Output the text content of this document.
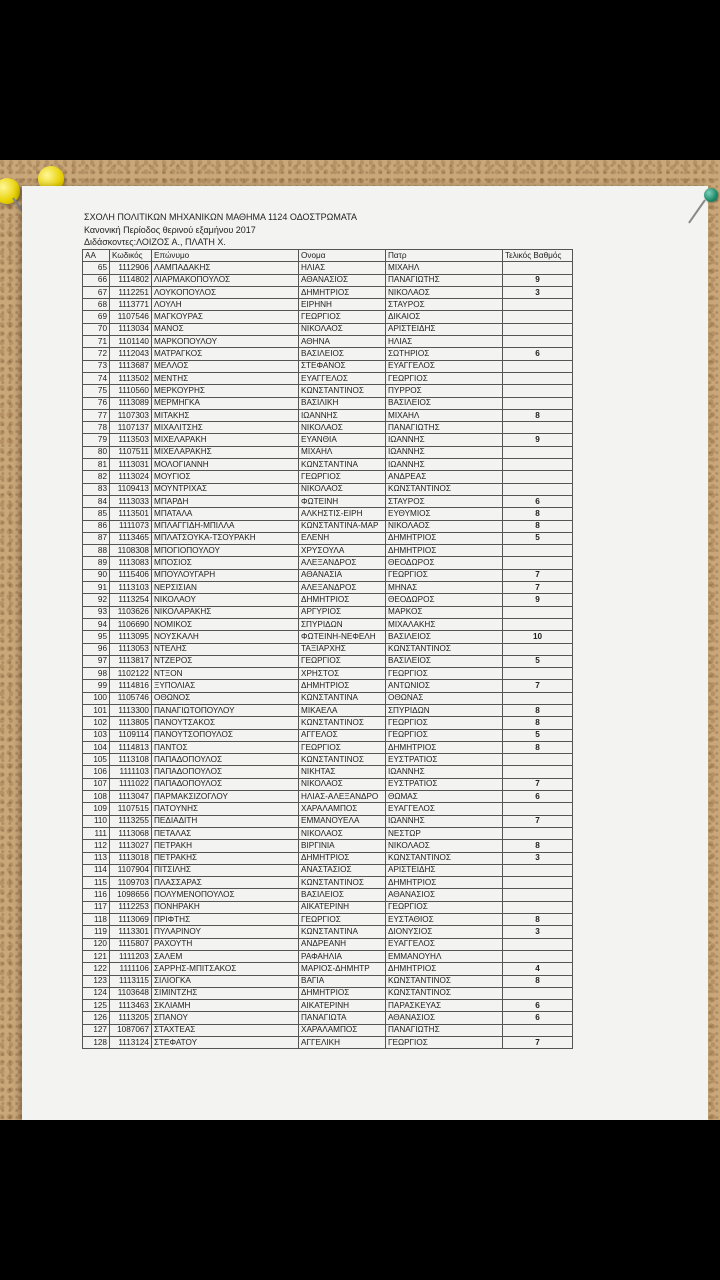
ΣΧΟΛΗ ΠΟΛΙΤΙΚΩΝ ΜΗΧΑΝΙΚΩΝ ΜΑΘΗΜΑ 1124 ΟΔΟΣΤΡΩΜΑΤΑ
Κανονική Περίοδος θερινού εξαμήνου 2017
Διδάσκοντες:ΛΟΙΖΟΣ Α., ΠΛΑΤΗ Χ.
ΑΑ	Κωδικός	Επώνυμο	Ονομα	Πατρ	Τελικός Βαθμός
65	1112906	ΛΑΜΠΑΔΑΚΗΣ	ΗΛΙΑΣ	ΜΙΧΑΗΛ	
66	1114802	ΛΙΑΡΜΑΚΟΠΟΥΛΟΣ	ΑΘΑΝΑΣΙΟΣ	ΠΑΝΑΓΙΩΤΗΣ	9
67	1112251	ΛΟΥΚΟΠΟΥΛΟΣ	ΔΗΜΗΤΡΙΟΣ	ΝΙΚΟΛΑΟΣ	3
68	1113771	ΛΟΥΛΗ	ΕΙΡΗΝΗ	ΣΤΑΥΡΟΣ	
69	1107546	ΜΑΓΚΟΥΡΑΣ	ΓΕΩΡΓΙΟΣ	ΔΙΚΑΙΟΣ	
70	1113034	ΜΑΝΟΣ	ΝΙΚΟΛΑΟΣ	ΑΡΙΣΤΕΙΔΗΣ	
71	1101140	ΜΑΡΚΟΠΟΥΛΟΥ	ΑΘΗΝΑ	ΗΛΙΑΣ	
72	1112043	ΜΑΤΡΑΓΚΟΣ	ΒΑΣΙΛΕΙΟΣ	ΣΩΤΗΡΙΟΣ	6
73	1113687	ΜΕΛΛΟΣ	ΣΤΕΦΑΝΟΣ	ΕΥΑΓΓΕΛΟΣ	
74	1113502	ΜΕΝΤΗΣ	ΕΥΑΓΓΕΛΟΣ	ΓΕΩΡΓΙΟΣ	
75	1110560	ΜΕΡΚΟΥΡΗΣ	ΚΩΝΣΤΑΝΤΙΝΟΣ	ΠΥΡΡΟΣ	
76	1113089	ΜΕΡΜΗΓΚΑ	ΒΑΣΙΛΙΚΗ	ΒΑΣΙΛΕΙΟΣ	
77	1107303	ΜΙΤΑΚΗΣ	ΙΩΑΝΝΗΣ	ΜΙΧΑΗΛ	8
78	1107137	ΜΙΧΑΛΙΤΣΗΣ	ΝΙΚΟΛΑΟΣ	ΠΑΝΑΓΙΩΤΗΣ	
79	1113503	ΜΙΧΕΛΑΡΑΚΗ	ΕΥΑΝΘΙΑ	ΙΩΑΝΝΗΣ	9
80	1107511	ΜΙΧΕΛΑΡΑΚΗΣ	ΜΙΧΑΗΛ	ΙΩΑΝΝΗΣ	
81	1113031	ΜΟΛΟΓΙΑΝΝΗ	ΚΩΝΣΤΑΝΤΙΝΑ	ΙΩΑΝΝΗΣ	
82	1113024	ΜΟΥΓΙΟΣ	ΓΕΩΡΓΙΟΣ	ΑΝΔΡΕΑΣ	
83	1109413	ΜΟΥΝΤΡΙΧΑΣ	ΝΙΚΟΛΑΟΣ	ΚΩΝΣΤΑΝΤΙΝΟΣ	
84	1113033	ΜΠΑΡΔΗ	ΦΩΤΕΙΝΗ	ΣΤΑΥΡΟΣ	6
85	1113501	ΜΠΑΤΑΛΑ	ΑΛΚΗΣΤΙΣ-ΕΙΡΗ	ΕΥΘΥΜΙΟΣ	8
86	1111073	ΜΠΛΑΓΓΙΔΗ-ΜΠΙΛΛΑ	ΚΩΝΣΤΑΝΤΙΝΑ-ΜΑΡ	ΝΙΚΟΛΑΟΣ	8
87	1113465	ΜΠΛΑΤΣΟΥΚΑ-ΤΣΟΥΡΑΚΗ	ΕΛΕΝΗ	ΔΗΜΗΤΡΙΟΣ	5
88	1108308	ΜΠΟΓΙΟΠΟΥΛΟΥ	ΧΡΥΣΟΥΛΑ	ΔΗΜΗΤΡΙΟΣ	
89	1113083	ΜΠΟΣΙΟΣ	ΑΛΕΞΑΝΔΡΟΣ	ΘΕΟΔΩΡΟΣ	
90	1115406	ΜΠΟΥΛΟΥΓΑΡΗ	ΑΘΑΝΑΣΙΑ	ΓΕΩΡΓΙΟΣ	7
91	1113103	ΝΕΡΣΙΣΙΑΝ	ΑΛΕΞΑΝΔΡΟΣ	ΜΗΝΑΣ	7
92	1113254	ΝΙΚΟΛΑΟΥ	ΔΗΜΗΤΡΙΟΣ	ΘΕΟΔΩΡΟΣ	9
93	1103626	ΝΙΚΟΛΑΡΑΚΗΣ	ΑΡΓΥΡΙΟΣ	ΜΑΡΚΟΣ	
94	1106690	ΝΟΜΙΚΟΣ	ΣΠΥΡΙΔΩΝ	ΜΙΧΑΛΑΚΗΣ	
95	1113095	ΝΟΥΣΚΑΛΗ	ΦΩΤΕΙΝΗ-ΝΕΦΕΛΗ	ΒΑΣΙΛΕΙΟΣ	10
96	1113053	ΝΤΕΛΗΣ	ΤΑΞΙΑΡΧΗΣ	ΚΩΝΣΤΑΝΤΙΝΟΣ	
97	1113817	ΝΤΖΕΡΟΣ	ΓΕΩΡΓΙΟΣ	ΒΑΣΙΛΕΙΟΣ	5
98	1102122	ΝΤΞΟΝ	ΧΡΗΣΤΟΣ	ΓΕΩΡΓΙΟΣ	
99	1114816	ΞΥΠΟΛΙΑΣ	ΔΗΜΗΤΡΙΟΣ	ΑΝΤΩΝΙΟΣ	7
100	1105746	ΟΘΩΝΟΣ	ΚΩΝΣΤΑΝΤΙΝΑ	ΟΘΩΝΑΣ	
101	1113300	ΠΑΝΑΓΙΩΤΟΠΟΥΛΟΥ	ΜΙΚΑΕΛΑ	ΣΠΥΡΙΔΩΝ	8
102	1113805	ΠΑΝΟΥΤΣΑΚΟΣ	ΚΩΝΣΤΑΝΤΙΝΟΣ	ΓΕΩΡΓΙΟΣ	8
103	1109114	ΠΑΝΟΥΤΣΟΠΟΥΛΟΣ	ΑΓΓΕΛΟΣ	ΓΕΩΡΓΙΟΣ	5
104	1114813	ΠΑΝΤΟΣ	ΓΕΩΡΓΙΟΣ	ΔΗΜΗΤΡΙΟΣ	8
105	1113108	ΠΑΠΑΔΟΠΟΥΛΟΣ	ΚΩΝΣΤΑΝΤΙΝΟΣ	ΕΥΣΤΡΑΤΙΟΣ	
106	1111103	ΠΑΠΑΔΟΠΟΥΛΟΣ	ΝΙΚΗΤΑΣ	ΙΩΑΝΝΗΣ	
107	1111022	ΠΑΠΑΔΟΠΟΥΛΟΣ	ΝΙΚΟΛΑΟΣ	ΕΥΣΤΡΑΤΙΟΣ	7
108	1113047	ΠΑΡΜΑΚΣΙΖΟΓΛΟΥ	ΗΛΙΑΣ-ΑΛΕΞΑΝΔΡΟ	ΘΩΜΑΣ	6
109	1107515	ΠΑΤΟΥΝΗΣ	ΧΑΡΑΛΑΜΠΟΣ	ΕΥΑΓΓΕΛΟΣ	
110	1113255	ΠΕΔΙΑΔΙΤΗ	ΕΜΜΑΝΟΥΕΛΑ	ΙΩΑΝΝΗΣ	7
111	1113068	ΠΕΤΑΛΑΣ	ΝΙΚΟΛΑΟΣ	ΝΕΣΤΩΡ	
112	1113027	ΠΕΤΡΑΚΗ	ΒΙΡΓΙΝΙΑ	ΝΙΚΟΛΑΟΣ	8
113	1113018	ΠΕΤΡΑΚΗΣ	ΔΗΜΗΤΡΙΟΣ	ΚΩΝΣΤΑΝΤΙΝΟΣ	3
114	1107904	ΠΙΤΣΙΛΗΣ	ΑΝΑΣΤΑΣΙΟΣ	ΑΡΙΣΤΕΙΔΗΣ	
115	1109703	ΠΛΑΣΣΑΡΑΣ	ΚΩΝΣΤΑΝΤΙΝΟΣ	ΔΗΜΗΤΡΙΟΣ	
116	1098656	ΠΟΛΥΜΕΝΟΠΟΥΛΟΣ	ΒΑΣΙΛΕΙΟΣ	ΑΘΑΝΑΣΙΟΣ	
117	1112253	ΠΟΝΗΡΑΚΗ	ΑΙΚΑΤΕΡΙΝΗ	ΓΕΩΡΓΙΟΣ	
118	1113069	ΠΡΙΦΤΗΣ	ΓΕΩΡΓΙΟΣ	ΕΥΣΤΑΘΙΟΣ	8
119	1113301	ΠΥΛΑΡΙΝΟΥ	ΚΩΝΣΤΑΝΤΙΝΑ	ΔΙΟΝΥΣΙΟΣ	3
120	1115807	ΡΑΧΟΥΤΗ	ΑΝΔΡΕΑΝΗ	ΕΥΑΓΓΕΛΟΣ	
121	1111203	ΣΑΛΕΜ	ΡΑΦΑΗΛΙΑ	ΕΜΜΑΝΟΥΗΛ	
122	1111106	ΣΑΡΡΗΣ-ΜΠΙΤΣΑΚΟΣ	ΜΑΡΙΟΣ-ΔΗΜΗΤΡ	ΔΗΜΗΤΡΙΟΣ	4
123	1113115	ΣΙΛΙΟΓΚΑ	ΒΑΓΙΑ	ΚΩΝΣΤΑΝΤΙΝΟΣ	8
124	1103648	ΣΙΜΙΝΤΖΗΣ	ΔΗΜΗΤΡΙΟΣ	ΚΩΝΣΤΑΝΤΙΝΟΣ	
125	1113463	ΣΚΛΙΑΜΗ	ΑΙΚΑΤΕΡΙΝΗ	ΠΑΡΑΣΚΕΥΑΣ	6
126	1113205	ΣΠΑΝΟΥ	ΠΑΝΑΓΙΩΤΑ	ΑΘΑΝΑΣΙΟΣ	6
127	1087067	ΣΤΑΧΤΕΑΣ	ΧΑΡΑΛΑΜΠΟΣ	ΠΑΝΑΓΙΩΤΗΣ	
128	1113124	ΣΤΕΦΑΤΟΥ	ΑΓΓΕΛΙΚΗ	ΓΕΩΡΓΙΟΣ	7
